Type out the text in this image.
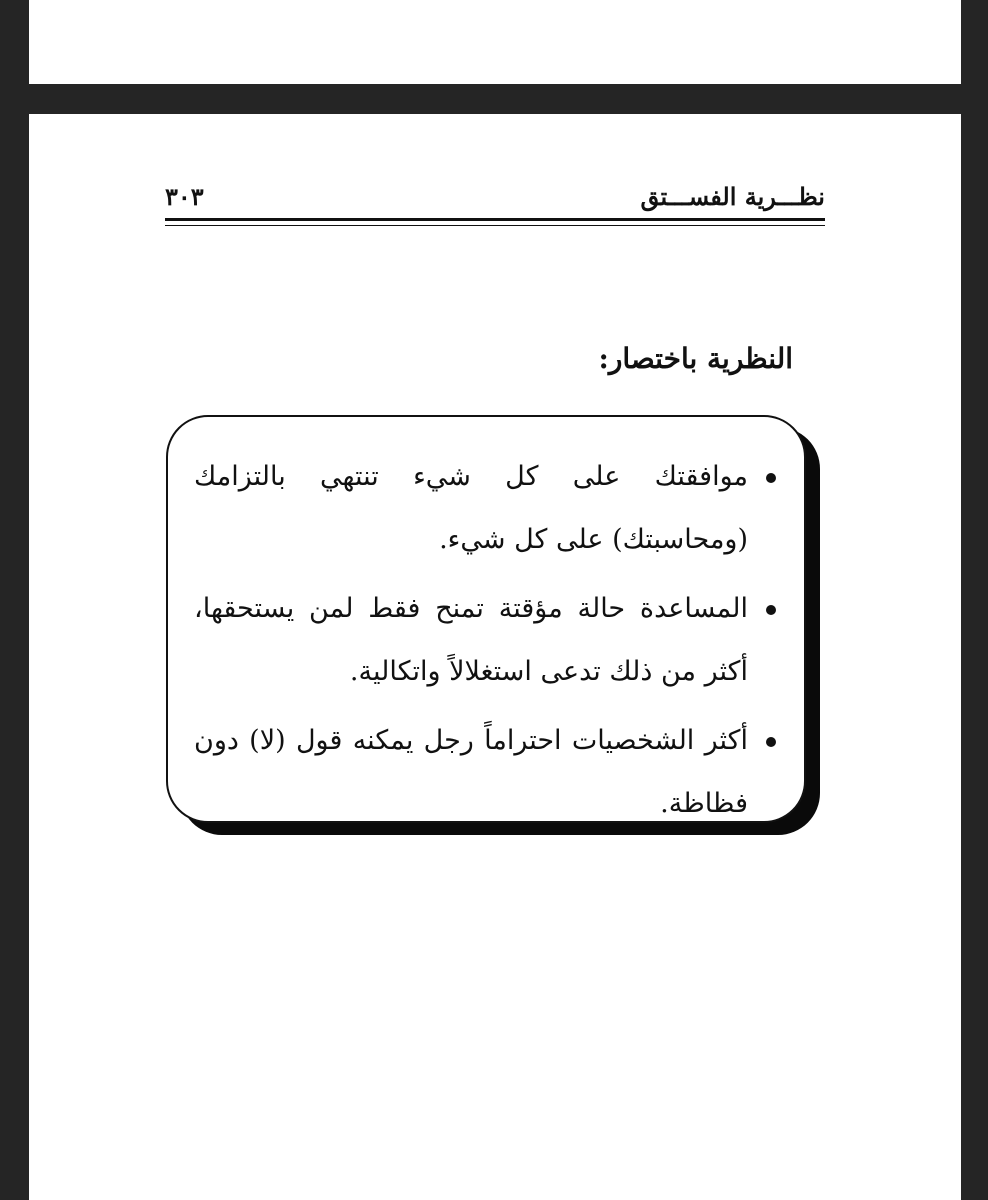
نظـــرية الفســـتق
٣٠٣
النظرية باختصار:
موافقتك على كل شيء تنتهي بالتزامك (ومحاسبتك) على كل شيء.
المساعدة حالة مؤقتة تمنح فقط لمن يستحقها، أكثر من ذلك تدعى استغلالاً واتكالية.
أكثر الشخصيات احتراماً رجل يمكنه قول (لا) دون فظاظة.
